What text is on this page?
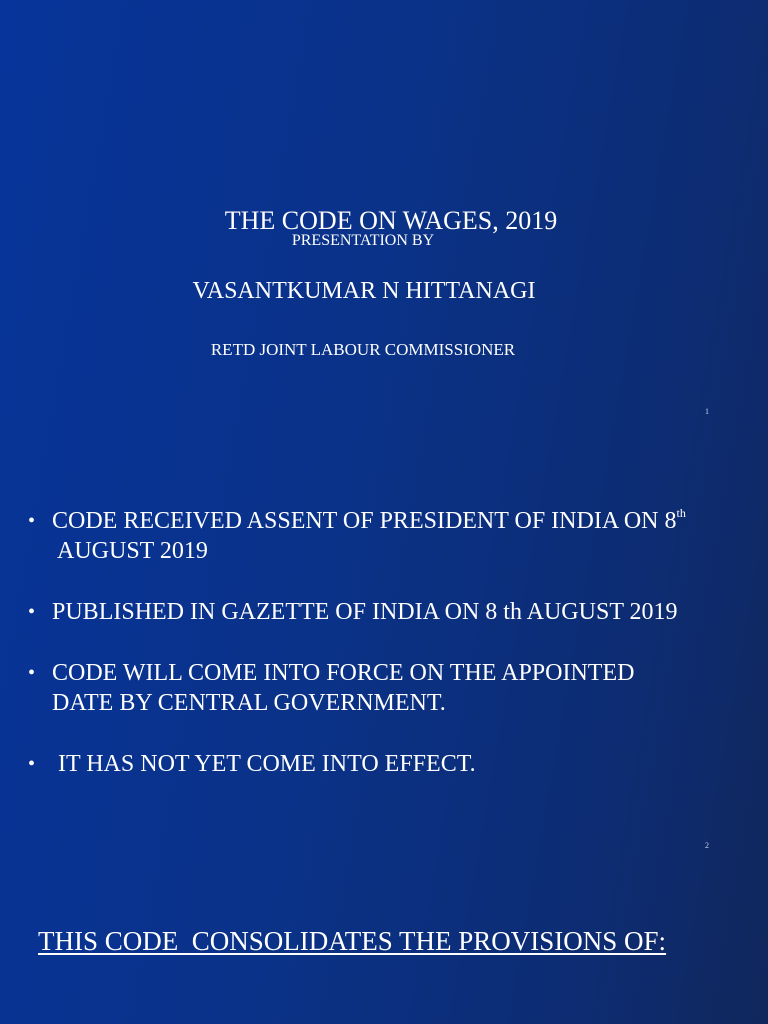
THE CODE ON WAGES, 2019
PRESENTATION BY
VASANTKUMAR N HITTANAGI
RETD JOINT LABOUR COMMISSIONER
1
• CODE RECEIVED ASSENT OF PRESIDENT OF INDIA ON 8th
AUGUST 2019
• PUBLISHED IN GAZETTE OF INDIA ON 8 th AUGUST 2019
• CODE WILL COME INTO FORCE ON THE APPOINTED
DATE BY CENTRAL GOVERNMENT.
• IT HAS NOT YET COME INTO EFFECT.
2
THIS CODE  CONSOLIDATES THE PROVISIONS OF:
